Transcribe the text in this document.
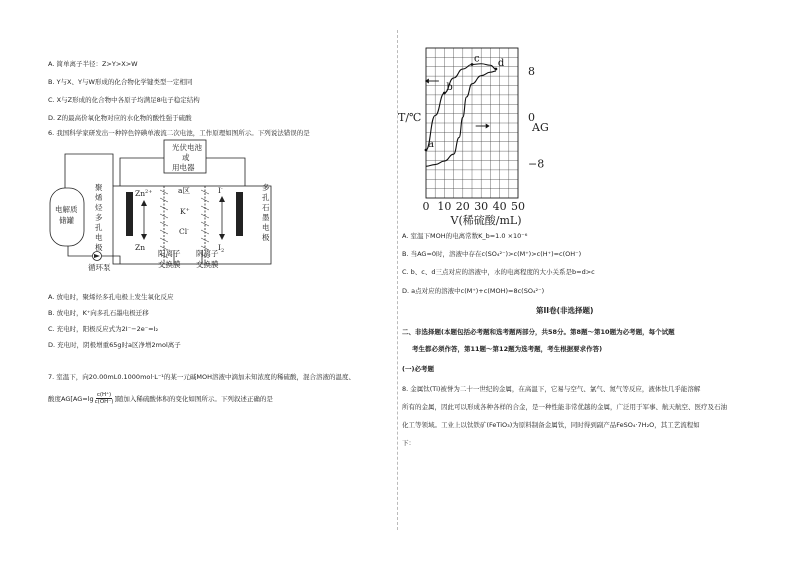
A. 简单离子半径：Z>Y>X>W
B. Y与X、Y与W形成的化合物化学键类型一定相同
C. X与Z形成的化合物中各原子均满足8电子稳定结构
D. Z的最高价氧化物对应的水化物的酸性强于硫酸
6. 我国科学家研发出一种锌色锌碘单液流二次电池，工作原理如图所示。下列说法错误的是
光伏电池
或
用电器
电解质
储罐
聚
烯
烃
多
孔
电
极
多
孔
石
墨
电
极
$Zn^{2+}$
Zn
a区
K+
Cl-
I-
$I_2$
循环泵
阳离子
交换膜
阴离子
交换膜
A. 放电时，聚烯烃多孔电极上发生氧化反应
B. 放电时，K⁺向多孔石墨电极迁移
C. 充电时，阳极反应式为2I⁻−2e⁻=I₂
D. 充电时，阴极增重65g时a区净增2mol离子
7. 室温下，向20.00mL0.1000mol·L⁻¹的某一元碱MOH溶液中滴加未知浓度的稀硫酸，混合溶液的温度、
酸度AG[AG=lg c(H⁺)
c(OH⁻) ]随加入稀硫酸体积的变化如图所示。下列叙述正确的是
0 10 20 30 40 50
8
0
−8
V(稀硫酸/mL)
T/℃
AG
a
b
c d
A. 室温下MOH的电离常数K_b=1.0 ×10⁻⁶
B. 当AG=0时，溶液中存在c(SO₄²⁻)>c(M⁺)>c(H⁺)=c(OH⁻)
C. b、c、d三点对应的溶液中，水的电离程度的大小关系是b=d>c
D. a点对应的溶液中c(M⁺)+c(MOH)=8c(SO₄²⁻)
第II卷(非选择题)
二、非选择题(本题包括必考题和选考题两部分，共58分。第8题～第10题为必考题，每个试题
考生都必须作答，第11题～第12题为选考题，考生根据要求作答)
(一)必考题
8. 金属钛(Ti)被誉为二十一世纪的金属，在高温下，它易与空气、氯气、氮气等反应，液体钛几乎能溶解
所有的金属，因此可以形成各种各样的合金，是一种性能非常优越的金属，广泛用于军事、航天航空、医疗及石油
化工等领域。工业上以钛铁矿(FeTiO₃)为原料制备金属钛，同时得到副产品FeSO₄·7H₂O，其工艺流程如
下：
